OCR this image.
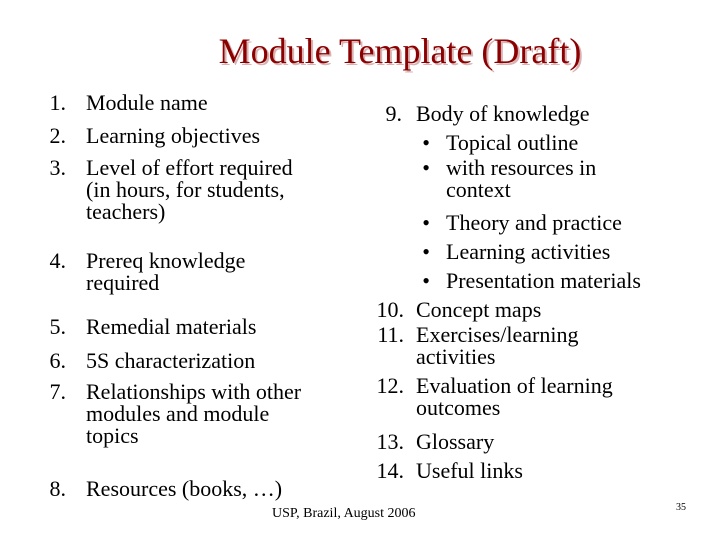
Module Template (Draft)
1. Module name
2. Learning objectives
3. Level of effort required
(in hours, for students,
teachers)
4. Prereq knowledge
required
5. Remedial materials
6. 5S characterization
7. Relationships with other
modules and module
topics
8. Resources (books, …)
9. Body of knowledge
• Topical outline
• with resources in
context
• Theory and practice
• Learning activities
• Presentation materials
10. Concept maps
11. Exercises/learning
activities
12. Evaluation of learning
outcomes
13. Glossary
14. Useful links
USP, Brazil, August 2006	35
